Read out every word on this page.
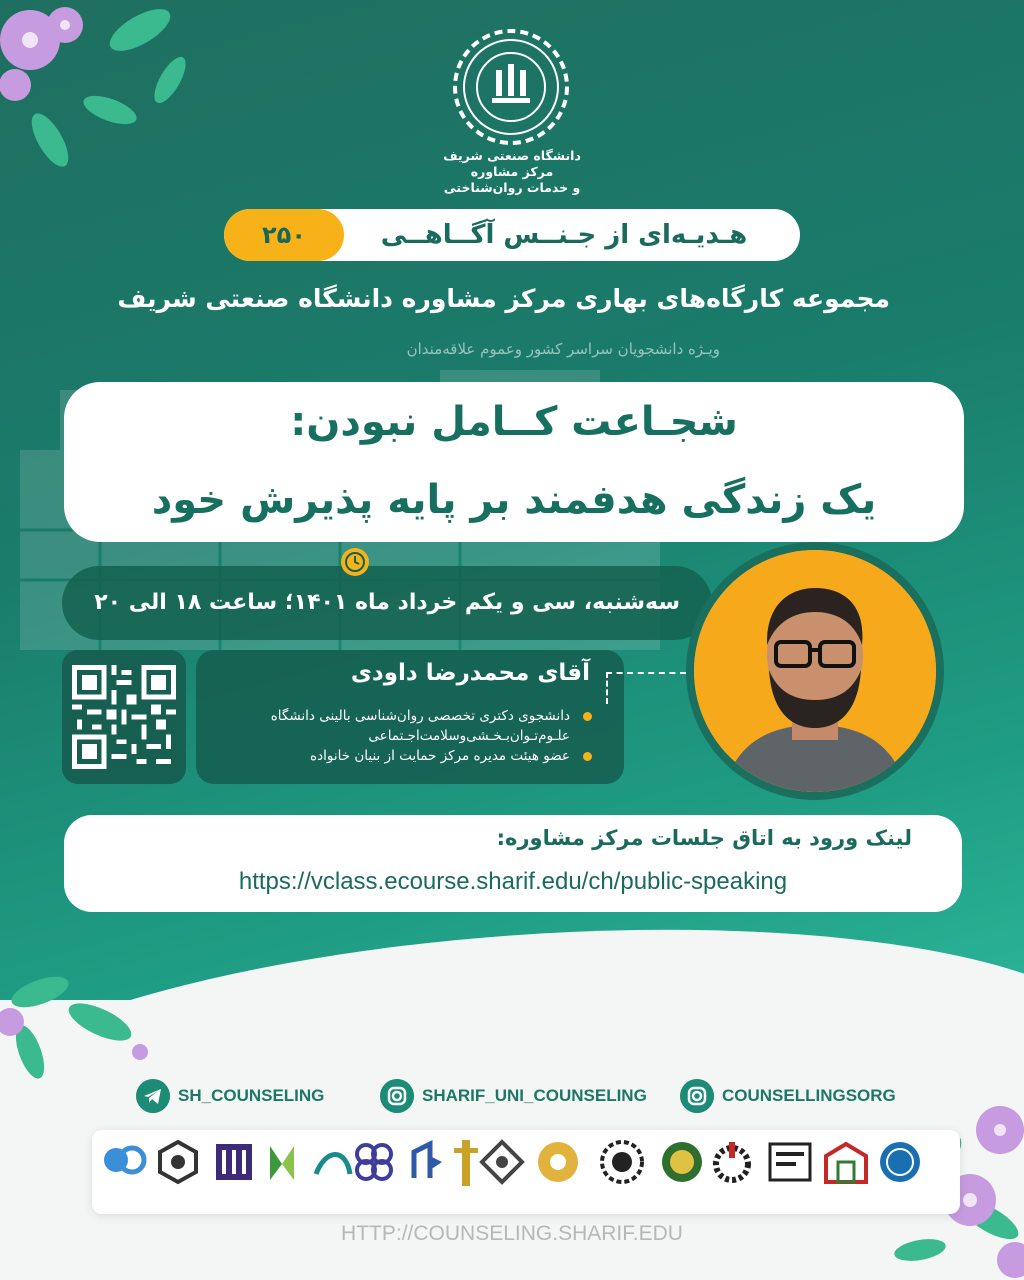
دانشگاه صنعتی شریف
مرکز مشاوره
و خدمات روان‌شناختی
۲۵۰	هـدیـه‌ای از جـنــس آگــاهــی
مجموعه کارگاه‌های بهاری مرکز مشاوره دانشگاه صنعتی شریف
ویـژه دانشجویان سراسر کشور وعموم علاقه‌مندان
شجـاعت کــامل نبودن:
یک زندگی هدفمند بر پایه پذیرش خود
سه‌شنبه، سی و یکم خرداد ماه ۱۴۰۱؛ ساعت ۱۸ الی ۲۰
آقای محمدرضا داودی
دانشجوی دکتری تخصصی روان‌شناسی بالینی دانشگاه
علـوم‌تـوان‌بـخـشی‌و‌سلامت‌اجـتماعی
عضو هیئت مدیره مرکز حمایت از بنیان خانواده
لینک ورود به اتاق جلسات مرکز مشاوره:
https://vclass.ecourse.sharif.edu/ch/public-speaking
SH_COUNSELING	SHARIF_UNI_COUNSELING	COUNSELLINGSORG
HTTP://COUNSELING.SHARIF.EDU
